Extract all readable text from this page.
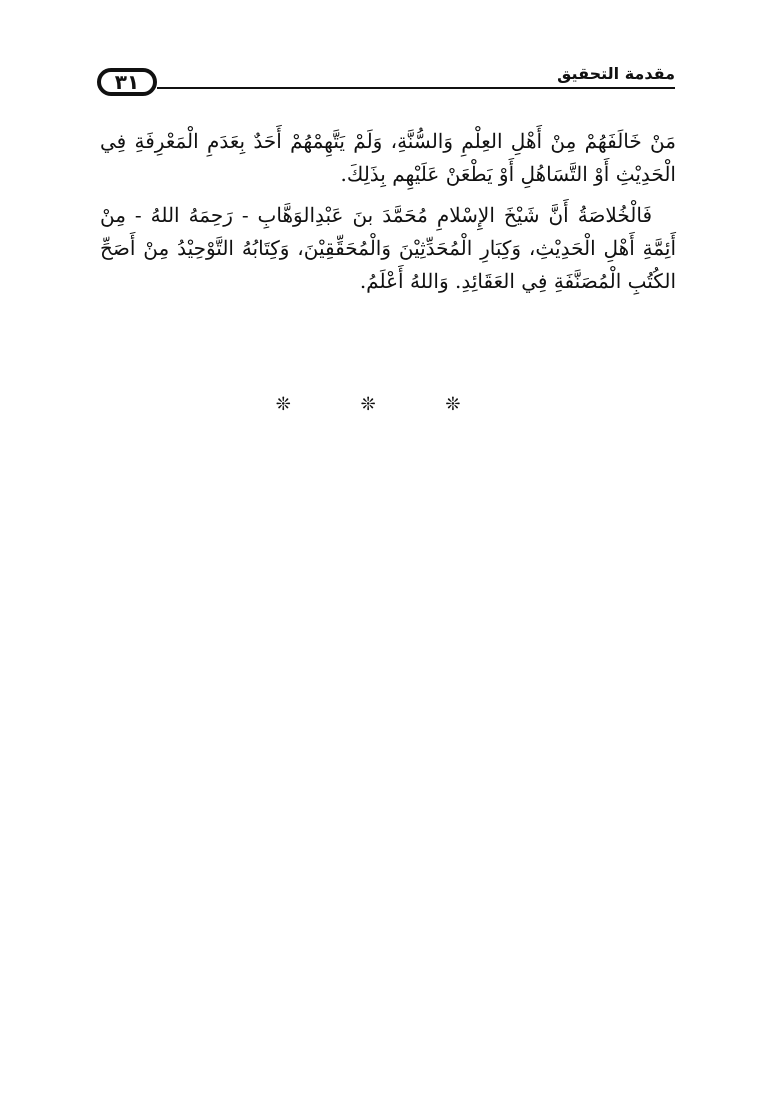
٣١	مقدمة التحقيق

مَنْ خَالَفَهُمْ مِنْ أَهْلِ العِلْمِ وَالسُّنَّةِ، وَلَمْ يَتَّهِمْهُمْ أَحَدٌ بِعَدَمِ الْمَعْرِفَةِ فِي الْحَدِيْثِ أَوْ التَّسَاهُلِ أَوْ يَطْعَنْ عَلَيْهِم بِذَلِكَ.

فَالْخُلاصَةُ أَنَّ شَيْخَ الإِسْلامِ مُحَمَّدَ بنَ عَبْدِالوَهَّابِ - رَحِمَهُ اللهُ - مِنْ أَئِمَّةِ أَهْلِ الْحَدِيْثِ، وَكِبَارِ الْمُحَدِّثِيْنَ وَالْمُحَقِّقِيْنَ، وَكِتَابُهُ التَّوْحِيْدُ مِنْ أَصَحِّ الكُتُبِ الْمُصَنَّفَةِ فِي العَقَائِدِ. وَاللهُ أَعْلَمُ.

❊	❊	❊
